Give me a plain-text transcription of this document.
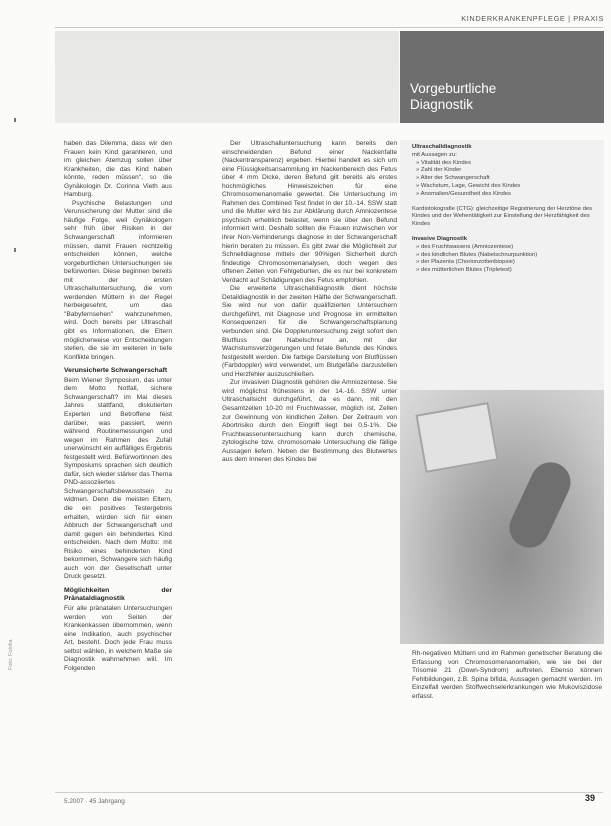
KINDERKRANKENPFLEGE | PRAXIS
Vorgeburtliche
Diagnostik

haben das Dilemma, dass wir den Frauen kein Kind garantieren, und im gleichen Atemzug sollen über Krankheiten, die das Kind haben könnte, reden müssen", so die Gynäkologin Dr. Corinna Vieth aus Hamburg.

Psychische Belastungen und Verunsicherung der Mutter sind die häufige Folge, weil Gynäkologen sehr früh über Risiken in der Schwangerschaft informieren müssen, damit Frauen rechtzeitig entscheiden können, welche vorgeburtlichen Untersuchungen sie befürworten. Diese beginnen bereits mit der ersten Ultraschalluntersuchung, die vom werdenden Müttern in der Regel herbeigesehnt, um das "Babyfernsehen" wahrzunehmen, wird. Doch bereits per Ultraschall gibt es Informationen, die Eltern möglicherweise vor Entscheidungen stellen, die sie im weiteren in tiefe Konflikte bringen.

Verunsicherte Schwangerschaft

Beim Wiener Symposium, das unter dem Motto Notfall, sichere Schwangerschaft? im Mai dieses Jahres stattfand, diskutierten Experten und Betroffene feist darüber, was passiert, wenn während Routinemessungen und wegen im Rahmen des Zufall unerwünscht ein auffälliges Ergebnis festgestellt wird. Befürwortinnen des Symposiums sprachen sich deutlich dafür, sich wieder stärker das Thema PND-assoziiertes Schwangerschaftsbewusstsein zu widmen. Denn die meisten Eltern, die ein positives Testergebnis erhalten, würden sich für einen Abbruch der Schwangerschaft und damit gegen ein behindertes Kind entscheiden. Nach dem Motto: mit Risiko eines behinderten Kind bekommen, Schwangere sich häufig auch von der Gesellschaft unter Druck gesetzt.

Möglichkeiten der Pränataldiagnostik

Für alle pränatalen Untersuchungen werden von Seiten der Krankenkassen übernommen, wenn eine Indikation, auch psychischer Art, besteht. Doch jede Frau muss selbst wählen, in welchem Maße sie Diagnostik wahrnehmen will. Im Folgenden

Der Ultraschalluntersuchung kann bereits den einschneidenden Befund einer Nackenfalte (Nackentransparenz) ergeben. Hierbei handelt es sich um eine Flüssigkeitsansammlung im Nackenbereich des Fetus über 4 mm Dicke, deren Befund gilt bereits als erstes hochmögliches Hinweiszeichen für eine Chromosomenanomalie gewertet. Die Untersuchung im Rahmen des Combined Test findet in der 10.-14. SSW statt und die Mutter wird bis zur Abklärung durch Amniozentese psychisch erheblich belastet, wenn sie über den Befund informiert wird. Deshalb sollten die Frauen inzwischen vor ihrer Non-Verhinderungs diagnose in der Schwangerschaft hierin beraten zu müssen. Es gibt zwar die Möglichkeit zur Schnelldiagnose mittels der 90%igen Sicherheit durch findeutige Chromosomenanalysen, doch wegen des offenen Zeiten von Fehlgeburten, die es nur bei konkretem Verdacht auf Schädigungen des Fetus empfohlen.

Die erweiterte Ultraschalldiagnostik dient höchste Detaildiagnostik in der zweiten Hälfte der Schwangerschaft. Sie wird nur von dafür qualifizierten Untersuchern durchgeführt, mit Diagnose und Prognose im ermittelten Konsequenzen für die Schwangerschaftsplanung verbunden sind. Die Doppleruntersuchung zeigt sofort den Blutfluss der Nabelschnur an, mit der Wachstumsverzögerungen und fetale Befunde des Kindes festgestellt werden. Die farbige Darstellung von Blutflüssen (Farbdoppler) wird verwendet, um Blutgefäße darzustellen und Herzfehler auszuschließen.

Zur invasiven Diagnostik gehören die Amniozentese. Sie wird möglichst frühestens in der 14.-16. SSW unter Ultraschallsicht durchgeführt, da es dann, mit den Gesamtzellen 10-20 ml Fruchtwasser, möglich ist, Zellen zur Gewinnung von kindlichen Zellen. Der Zeitraum von Abortrisiko durch den Eingriff liegt bei 0,5-1%. Die Fruchtwasseruntersuchung kann durch chemische, zytologische bzw. chromosomale Untersuchung die fällige Aussagen liefern. Neben der Bestimmung des Blutwertes aus dem Inneren des Kindes bei

Ultraschalldiagnostik
mit Aussagen zu:
» Vitalität des Kindes
» Zahl der Kinder
» Alter der Schwangerschaft
» Wachstum, Lage, Gewicht des Kindes
» Anomalien/Gesundheit des Kindes
Kardiotokografie (CTG): gleichzeitige Registrierung der Herztöne des Kindes und der Wehentätigkeit zur Einstellung der Herzfähigkeit des Kindes
Invasive Diagnostik
» des Fruchtwassers (Amniozentese)
» des kindlichen Blutes (Nabelschnurpunktion)
» der Plazenta (Chorionzottenbiopsie)
» des mütterlichen Blutes (Tripletest)

Rh-negativen Müttern und im Rahmen genetischer Beratung die Erfassung von Chromosomenanomalien, wie sie bei der Trisomie 21 (Down-Syndrom) auftreten. Ebenso können Fehlbildungen, z.B. Spina bifida, Aussagen gemacht werden. Im Einzelfall werden Stoffwechselerkrankungen wie Mukoviszidose erfasst.

Foto: Fotolia
5.2007 · 45 Jahrgang	39
